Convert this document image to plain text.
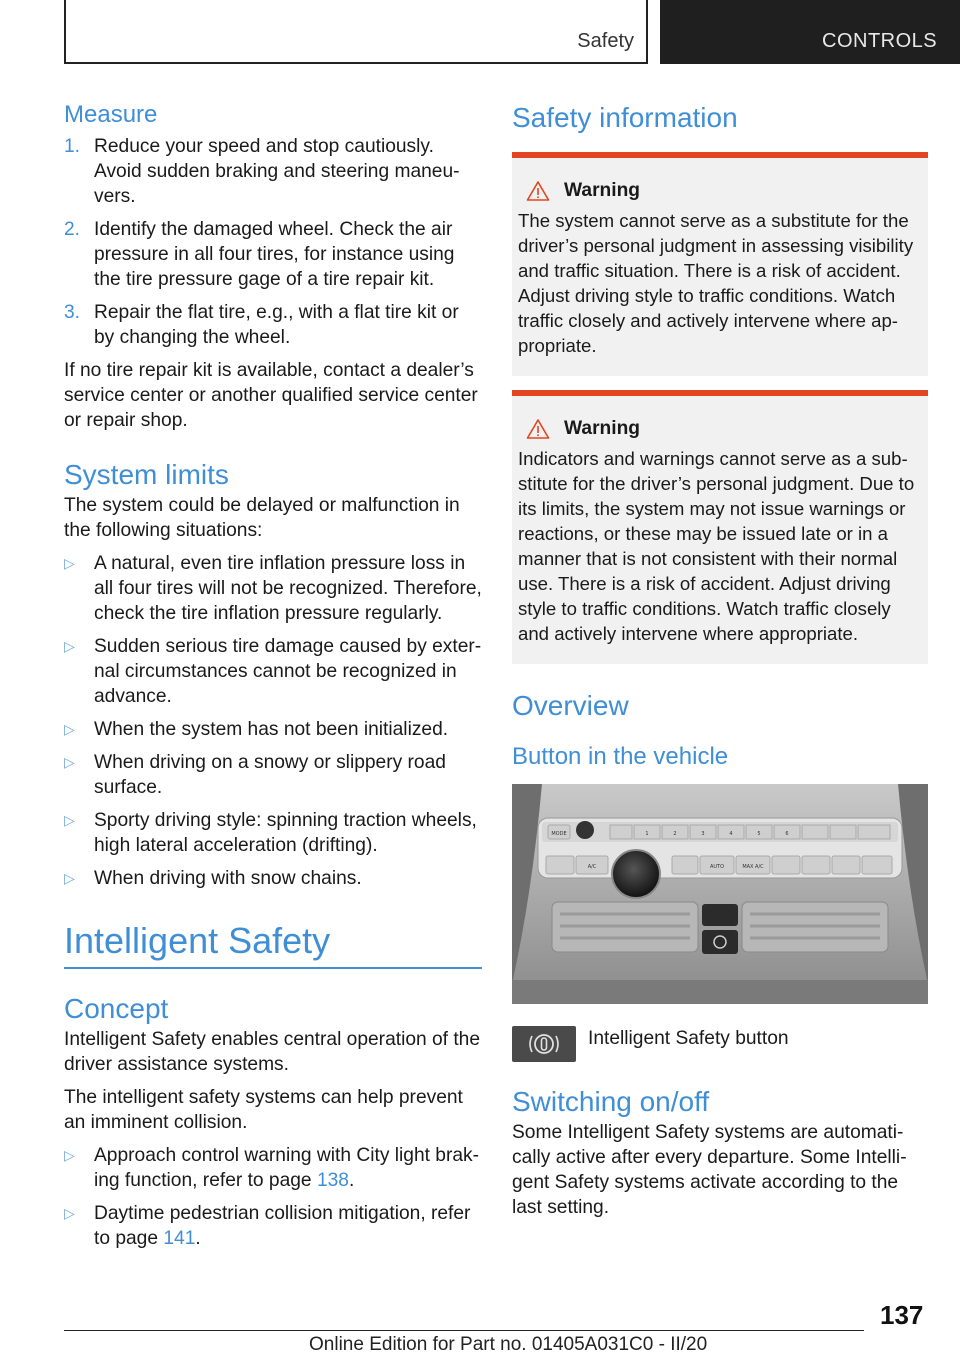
Safety	CONTROLS
Measure
1. Reduce your speed and stop cautiously. Avoid sudden braking and steering maneuvers.
2. Identify the damaged wheel. Check the air pressure in all four tires, for instance using the tire pressure gage of a tire repair kit.
3. Repair the flat tire, e.g., with a flat tire kit or by changing the wheel.

If no tire repair kit is available, contact a dealer’s service center or another qualified service center or repair shop.

System limits

The system could be delayed or malfunction in the following situations:

▷ A natural, even tire inflation pressure loss in all four tires will not be recognized. Therefore, check the tire inflation pressure regularly.
▷ Sudden serious tire damage caused by external circumstances cannot be recognized in advance.
▷ When the system has not been initialized.
▷ When driving on a snowy or slippery road surface.
▷ Sporty driving style: spinning traction wheels, high lateral acceleration (drifting).
▷ When driving with snow chains.
Intelligent Safety
Concept

Intelligent Safety enables central operation of the driver assistance systems.

The intelligent safety systems can help prevent an imminent collision.

▷ Approach control warning with City light braking function, refer to page 138.
▷ Daytime pedestrian collision mitigation, refer to page 141.
Safety information
Warning

The system cannot serve as a substitute for the driver’s personal judgment in assessing visibility and traffic situation. There is a risk of accident. Adjust driving style to traffic conditions. Watch traffic closely and actively intervene where appropriate.

Warning

Indicators and warnings cannot serve as a substitute for the driver’s personal judgment. Due to its limits, the system may not issue warnings or reactions, or these may be issued late or in a manner that is not consistent with their normal use. There is a risk of accident. Adjust driving style to traffic conditions. Watch traffic closely and actively intervene where appropriate.

Overview
Button in the vehicle
MODE	1	2	3	4	5	6
A/C	AUTO	MAX A/C

Intelligent Safety button

Switching on/off

Some Intelligent Safety systems are automatically active after every departure. Some Intelligent Safety systems activate according to the last setting.

137
Online Edition for Part no. 01405A031C0 - II/20
